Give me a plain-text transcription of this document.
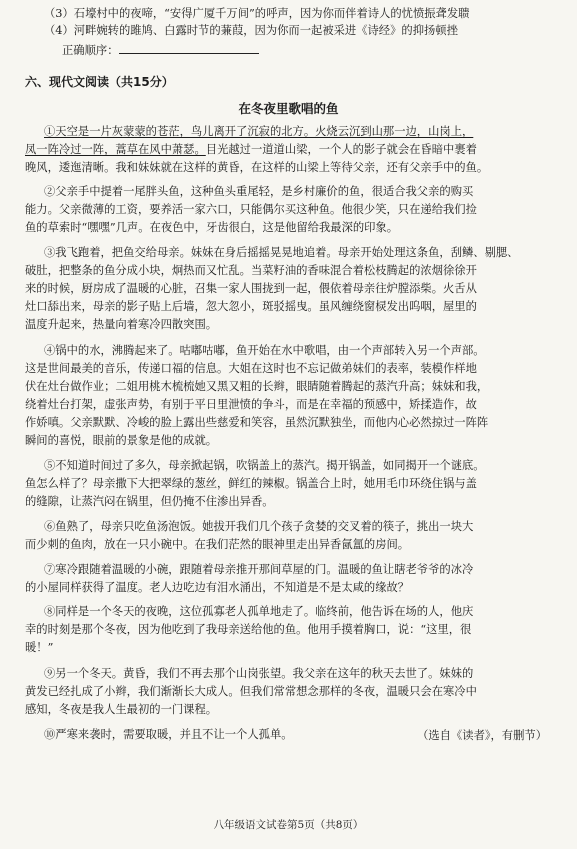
（3）石壕村中的夜啼，“安得广厦千万间”的呼声，因为你而伴着诗人的忧愤振聋发聩
（4）河畔婉转的雎鸠、白露时节的蒹葭，因为你而一起被采进《诗经》的抑扬顿挫
正确顺序：
六、现代文阅读（共15分）
在冬夜里歌唱的鱼
①天空是一片灰蒙蒙的苍茫，鸟儿离开了沉寂的北方。火烧云沉到山那一边，山岗上，
凤一阵冷过一阵，蒿草在风中萧瑟。目光越过一道道山梁，一个人的影子就会在昏暗中裹着
晚风，逶迤清晰。我和妹妹就在这样的黄昏，在这样的山梁上等待父亲，还有父亲手中的鱼。
②父亲手中提着一尾胖头鱼，这种鱼头重尾轻，是乡村廉价的鱼，很适合我父亲的购买
能力。父亲微薄的工资，要养活一家六口，只能偶尔买这种鱼。他很少笑，只在递给我们捡
鱼的草索时“嘿嘿”几声。在夜色中，牙齿很白，这是他留给我最深的印象。
③我飞跑着，把鱼交给母亲。妹妹在身后摇摇晃晃地追着。母亲开始处理这条鱼，刮鳞、剔腮、
破肚，把整条的鱼分成小块，炯热而又忙乱。当菜籽油的香味混合着松枝腾起的浓烟徐徐开
来的时候，厨房成了温暖的心脏，召集一家人围拢到一起，偎依着母亲往炉膛添柴。火舌从
灶口舔出来，母亲的影子贴上后墙，忽大忽小，斑驳摇曳。虽风缠绕窗棂发出呜咽，屋里的
温度升起来，热量向着寒冷四散突围。
④锅中的水，沸腾起来了。咕嘟咕嘟，鱼开始在水中歌唱，由一个声部转入另一个声部。
这是世间最美的音乐，传递口福的信息。大姐在这时也不忘记做弟妹们的表率，装模作样地
伏在灶台做作业；二姐用桃木梳梳她又黑又粗的长辫，眼睛随着腾起的蒸汽升高；妹妹和我，
绕着灶台打架，虚张声势，有别于平日里泄愤的争斗，而是在幸福的预感中，矫揉造作，故
作娇嗔。父亲默默、冷峻的脸上露出些慈爱和笑容，虽然沉默独坐，而他内心必然掠过一阵阵
瞬间的喜悦，眼前的景象是他的成就。
⑤不知道时间过了多久，母亲掀起锅，吹锅盖上的蒸汽。揭开锅盖，如同揭开一个谜底。
鱼怎么样了？母亲撒下大把翠绿的葱丝，鲜红的辣椒。锅盖合上时，她用毛巾环绕住锅与盖
的缝隙，让蒸汽闷在锅里，但仍掩不住渗出异香。
⑥鱼熟了，母亲只吃鱼汤泡饭。她拔开我们几个孩子贪婪的交叉着的筷子，挑出一块大
而少刺的鱼肉，放在一只小碗中。在我们茫然的眼神里走出异香氤氲的房间。
⑦寒冷跟随着温暖的小碗，跟随着母亲推开那间草屋的门。温暖的鱼让瞎老爷爷的冰冷
的小屋同样获得了温度。老人边吃边有泪水涌出，不知道是不是太咸的缘故？
⑧同样是一个冬天的夜晚，这位孤寡老人孤单地走了。临终前，他告诉在场的人，他庆
幸的时刻是那个冬夜，因为他吃到了我母亲送给他的鱼。他用手摸着胸口，说：“这里，很
暖！”
⑨另一个冬天。黄昏，我们不再去那个山岗张望。我父亲在这年的秋天去世了。妹妹的
黄发已经扎成了小辫，我们渐渐长大成人。但我们常常想念那样的冬夜，温暖只会在寒冷中
感知，冬夜是我人生最初的一门课程。
⑩严寒来袭时，需要取暖，并且不让一个人孤单。	（选自《读者》，有删节）
八年级语文试卷第5页（共8页）
